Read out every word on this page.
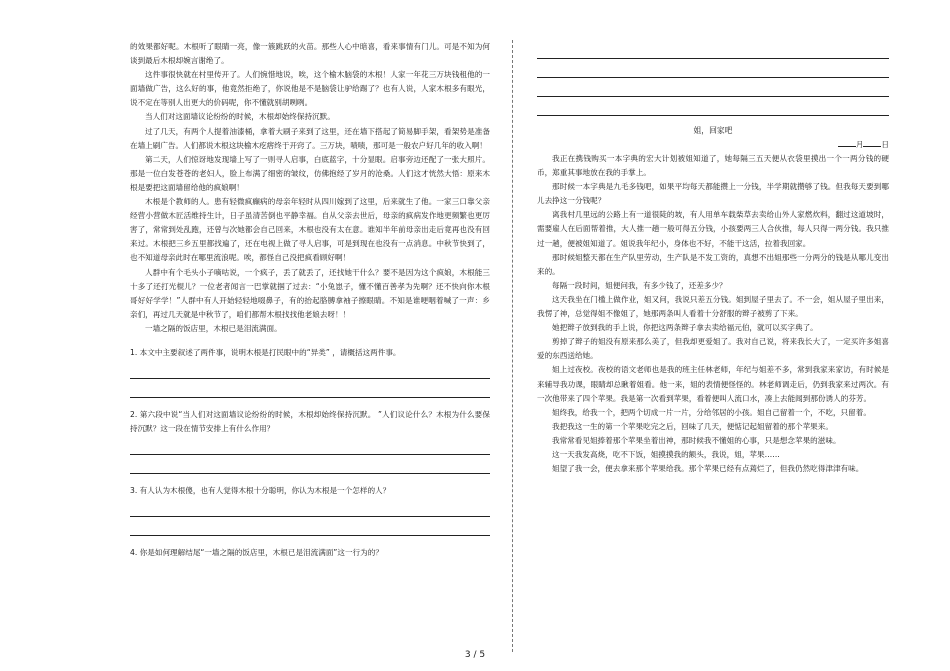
的效果都好呢。木根听了眼睛一亮，像一簇跳跃的火苗。那些人心中暗喜，看来事情有门儿。可是不知为何谈到最后木根却婉言谢绝了。

这件事很快就在村里传开了。人们惋惜地说，唉，这个榆木脑袋的木根！人家一年花三万块钱租他的一面墙做广告，这么好的事，他竟然拒绝了，你说他是不是脑袋让驴给踢了？也有人说，人家木根多有眼光，说不定在等别人出更大的价码呢，你不懂就别胡咧咧。

当人们对这面墙议论纷纷的时候，木根却始终保持沉默。

过了几天，有两个人提着油漆桶，拿着大刷子来到了这里，还在墙下搭起了简易脚手架，看架势是准备在墙上刷广告。人们都说木根这块榆木疙瘩终于开窍了。三万块，啧啧，那可是一般农户好几年的收入啊！

第二天，人们惊讶地发现墙上写了一则寻人启事，白底蓝字，十分显眼。启事旁边还配了一张大照片。那是一位白发苍苍的老妇人，脸上布满了细密的皱纹，仿佛抱经了岁月的沧桑。人们这才恍然大悟：原来木根是要把这面墙留给他的疯娘啊！

木根是个教师的人。患有轻微疯癫病的母亲年轻时从四川嫁到了这里，后来就生了他。一家三口靠父亲经营小营做木匠活维持生计，日子虽清苦倒也平静幸福。自从父亲去世后，母亲的疯病发作地更频繁也更厉害了，常常到处乱跑，还曾与次她都会自己回来，木根也没有太在意。谁知半年前母亲出走后竟再也没有回来过。木根把三乡五里都找遍了，还在电视上做了寻人启事，可是到现在也没有一点消息。中秋节快到了，也不知道母亲此时在哪里流浪呢。唉，都怪自己没把疯看顾好啊！

人群中有个毛头小子嘀咕说，一个疯子，丢了就丢了，还找她干什么？要不是因为这个疯娘，木根能三十多了还打光棍儿？一位老者闻言一巴掌就掴了过去：“小兔崽子，懂不懂百善孝为先啊？还不快向你木根哥好好学学！”人群中有人开始轻轻地啜鼻子，有的抬起胳膊拿袖子擦眼睛。不知是谁哽咽着喊了一声：乡亲们，再过几天就是中秋节了，咱们都帮木根找找他老娘去呀！！

一墙之隔的饭店里，木根已是泪流满面。

1. 本文中主要叙述了两件事，说明木根是打民眼中的“异类” ，请概括这两件事。

2. 第六段中说“当人们对这面墙议论纷纷的时候，木根却始终保持沉默。 ”人们议论什么？木根为什么要保持沉默？这一段在情节安排上有什么作用？

3. 有人认为木根傻，也有人觉得木根十分聪明，你认为木根是一个怎样的人？

4. 你是如何理解结尾“一墙之隔的饭店里，木根已是泪流满面”这一行为的？

姐，回家吧
月 日

我正在携钱购买一本字典的宏大计划被姐知道了，她每隔三五天便从衣袋里摸出一个一两分钱的硬币，郑重其事地放在我的手掌上。

那时候一本字典是九毛多钱吧，如果平均每天都能攒上一分钱，半学期就攒够了钱。但我每天要到哪儿去挣这一分钱呢？

离我村几里远的公路上有一道很陡的坡，有人用单车载柴草去卖给山外人家燃炊料，翻过这道坡时，需要雇人在后面帮着推，大人推一趟一般可得五分钱，小孩要两三人合伙推，每人只得一两分钱。我只推过一趟，便被姐知道了。姐说我年纪小，身体也不好，不能干这活，拉着我回家。

那时候姐整天都在生产队里劳动，生产队是不发工资的，真想不出姐那些一分两分的钱是从哪儿变出来的。

每隔一段时间，姐便问我，有多少钱了，还差多少？

这天我坐在门槛上做作业，姐又问，我说只差五分钱。姐到屋子里去了。不一会，姐从屋子里出来，我愣了神，总觉得姐不像姐了，她那两条叫人看着十分舒服的辫子被剪了下来。

她把辫子放到我的手上说，你把这两条辫子拿去卖给福元伯，就可以买字典了。

剪掉了辫子的姐没有原来那么美了，但我却更爱姐了。我对自己说，将来我长大了，一定买许多姐喜爱的东西送给她。

姐上过夜校。夜校的语文老师也是我的班主任林老师，年纪与姐差不多，常到我家来家访，有时候是来辅导我功课，眼睛却总瞅着姐看。他一来，姐的表情便怪怪的。林老师调走后，仍到我家来过两次。有一次他带来了四个苹果。我是第一次看到苹果，看着便叫人流口水，凑上去能闻到那份诱人的芬芳。

姐终我，给我一个，把两个切成一片一片，分给邻居的小孩。姐自己留着一个，不吃，只留着。

我把我这一生的第一个苹果吃完之后，回味了几天，便惦记起姐留着的那个苹果来。

我常常看见姐捧着那个苹果坐着出神，那时候我不懂姐的心事，只是想念苹果的滋味。

这一天我发高烧，吃不下饭，姐摸摸我的额头，我说，姐，苹果……

姐望了我一会，便去拿来那个苹果给我。那个苹果已经有点蔫烂了，但我仍然吃得津津有味。

3 / 5
